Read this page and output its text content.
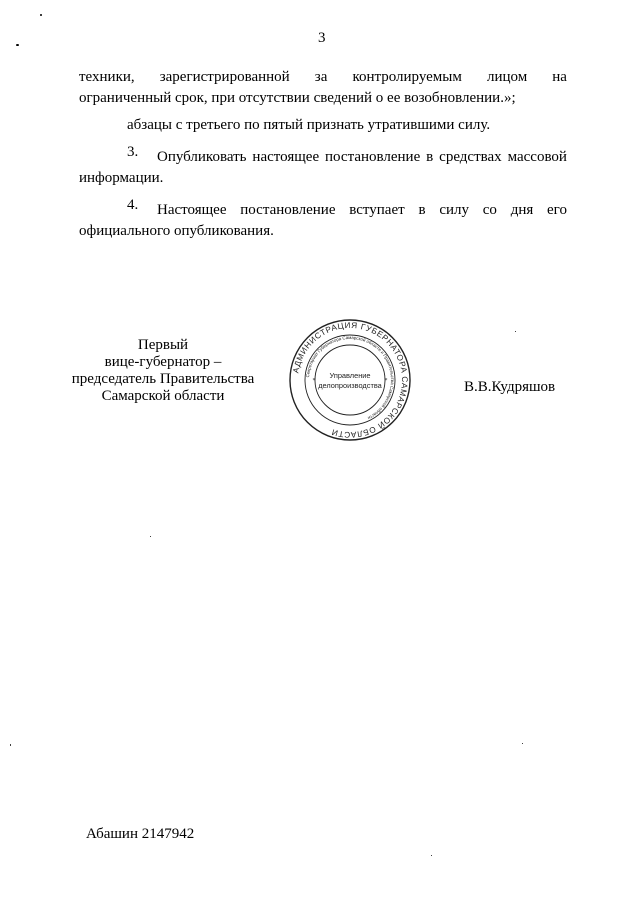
3
техники, зарегистрированной за контролируемым лицом на
ограниченный срок, при отсутствии сведений о ее возобновлении.»;
абзацы с третьего по пятый признать утратившими силу.
3. Опубликовать настоящее постановление в средствах массовой
информации.
4. Настоящее постановление вступает в силу со дня его
официального опубликования.
Первый
вице-губернатор –
председатель Правительства
Самарской области
АДМИНИСТРАЦИЯ ГУБЕРНАТОРА САМАРСКОЙ ОБЛАСТИ
Секретариат Губернатора Самарской области и Правительства Самарской области
Управление
делопроизводства
*	*	В.В.Кудряшов
Абашин 2147942
